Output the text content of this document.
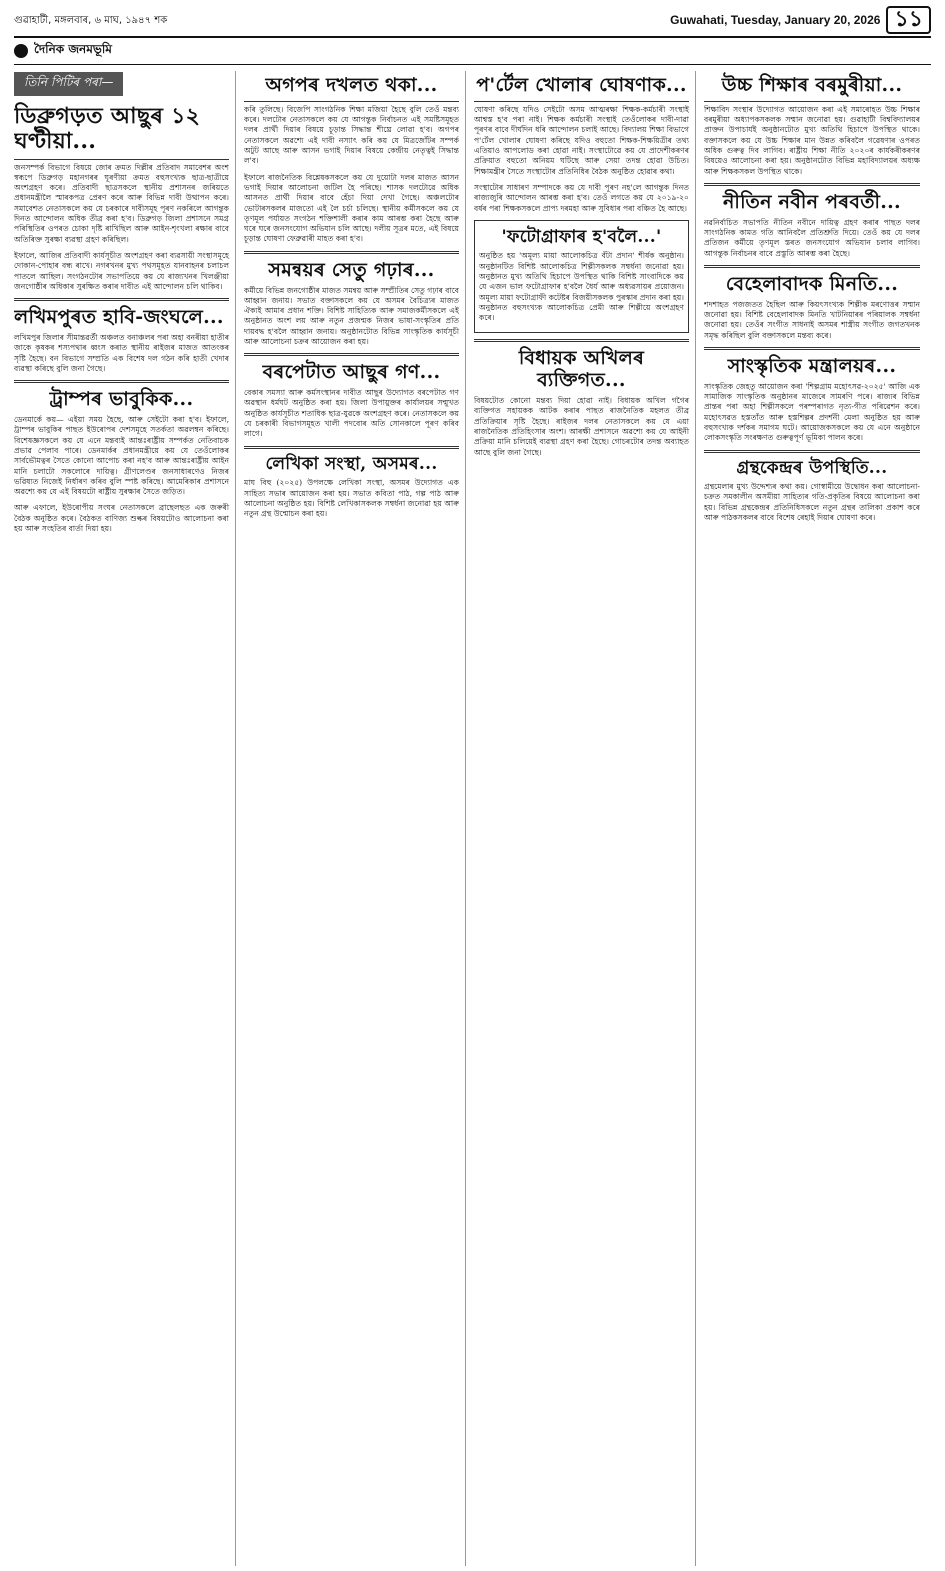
গুৱাহাটী, মঙ্গলবাৰ, ৬ মাঘ, ১৯৪৭ শক	Guwahati, Tuesday, January 20, 2026 ১১
দৈনিক জনমভূমি
তিনি পিটিৰ পৰা—
ডিব্ৰুগড়ত আছুৰ ১২ ঘণ্টীয়া...

জনসম্পৰ্ক বিভাগে বিষয়ে জোৰ ক্ৰমত দিল্লীৰ প্ৰতিবাদ সমাবেশৰ অংশ স্বৰূপে ডিব্ৰুগড় মহানগৰৰ ঘূৰণীয়া ক্ৰমত বহুসংখ্যক ছাত্ৰ-ছাত্ৰীয়ে অংশগ্ৰহণ কৰে। প্ৰতিবাদী ছাত্ৰসকলে স্থানীয় প্ৰশাসনৰ জৰিয়তে প্ৰধানমন্ত্ৰীলৈ স্মাৰকপত্ৰ প্ৰেৰণ কৰে আৰু বিভিন্ন দাবী উত্থাপন কৰে। সমাবেশত নেতাসকলে কয় যে চৰকাৰে দাবীসমূহ পূৰণ নকৰিলে আগন্তুক দিনত আন্দোলন অধিক তীব্ৰ কৰা হ'ব। ডিব্ৰুগড় জিলা প্ৰশাসনে সমগ্ৰ পৰিস্থিতিৰ ওপৰত চোকা দৃষ্টি ৰাখিছিল আৰু আইন-শৃংখলা ৰক্ষাৰ বাবে অতিৰিক্ত সুৰক্ষা ব্যৱস্থা গ্ৰহণ কৰিছিল।

ইফালে, আজিৰ প্ৰতিবাদী কাৰ্যসূচীত অংশগ্ৰহণ কৰা ব্যৱসায়ী সংস্থাসমূহে দোকান-পোহাৰ বন্ধ ৰাখে। নগৰখনৰ মুখ্য পথসমূহত যানবাহনৰ চলাচল পাতলে আছিল। সংগঠনটোৰ সভাপতিয়ে কয় যে ৰাজ্যখনৰ খিলঞ্জীয়া জনগোষ্ঠীৰ অধিকাৰ সুৰক্ষিত কৰাৰ দাবীত এই আন্দোলন চলি থাকিব।

লখিমপুৰত হাবি-জংঘলে...

লখিমপুৰ জিলাৰ সীমান্তৱৰ্তী অঞ্চলত বনাঞ্চলৰ পৰা অহা বনৰীয়া হাতীৰ জাকে কৃষকৰ শস্যপথাৰ ধ্বংস কৰাত স্থানীয় ৰাইজৰ মাজত আতংকৰ সৃষ্টি হৈছে। বন বিভাগে সম্প্ৰতি এক বিশেষ দল গঠন কৰি হাতী খেদাৰ ব্যৱস্থা কৰিছে বুলি জনা গৈছে।

ট্ৰাম্পৰ ভাবুকিক...

ডেনমাৰ্কে কয়— এইয়া সময় হৈছে, আৰু সেইটো কৰা হ'ব। ইফালে, ট্ৰাম্পৰ ভাবুকিৰ পাছত ইউৰোপৰ দেশসমূহে সতৰ্কতা অৱলম্বন কৰিছে। বিশেষজ্ঞসকলে কয় যে এনে মন্তব্যই আন্তঃৰাষ্ট্ৰীয় সম্পৰ্কত নেতিবাচক প্ৰভাৱ পেলাব পাৰে। ডেনমাৰ্কৰ প্ৰধানমন্ত্ৰীয়ে কয় যে তেওঁলোকৰ সাৰ্বভৌমত্বৰ সৈতে কোনো আপোচ কৰা নহ'ব আৰু আন্তঃৰাষ্ট্ৰীয় আইন মানি চলাটো সকলোৰে দায়িত্ব। গ্ৰীণলেণ্ডৰ জনসাধাৰণেও নিজৰ ভৱিষ্যত নিজেই নিৰ্ধাৰণ কৰিব বুলি স্পষ্ট কৰিছে। আমেৰিকাৰ প্ৰশাসনে অৱশ্যে কয় যে এই বিষয়টো ৰাষ্ট্ৰীয় সুৰক্ষাৰ সৈতে জড়িত।

আৰু এফালে, ইউৰোপীয় সংঘৰ নেতাসকলে ব্ৰাছেলছত এক জৰুৰী বৈঠক অনুষ্ঠিত কৰে। বৈঠকত বাণিজ্য শুল্কৰ বিষয়টোও আলোচনা কৰা হয় আৰু সংহতিৰ বাৰ্তা দিয়া হয়।

অগপৰ দখলত থকা...

কৰি তুলিছে। বিজেপি সাংগঠনিক শিক্ষা মজিয়া হৈছে বুলি তেওঁ মন্তব্য কৰে। দলটোৰ নেতাসকলে কয় যে আগন্তুক নিৰ্বাচনত এই সমষ্টিসমূহত দলৰ প্ৰাৰ্থী দিয়াৰ বিষয়ে চূড়ান্ত সিদ্ধান্ত শীঘ্ৰে লোৱা হ'ব। অগপৰ নেতাসকলে অৱশ্যে এই দাবী নস্যাৎ কৰি কয় যে মিত্ৰজোঁটৰ সম্পৰ্ক অটুট আছে আৰু আসন ভগাই দিয়াৰ বিষয়ে কেন্দ্ৰীয় নেতৃত্বই সিদ্ধান্ত ল'ব।

ইফালে ৰাজনৈতিক বিশ্লেষকসকলে কয় যে দুয়োটা দলৰ মাজত আসন ভগাই দিয়াৰ আলোচনা জটিল হৈ পৰিছে। শাসক দলটোৱে অধিক আসনত প্ৰাৰ্থী দিয়াৰ বাবে হেঁচা দিয়া দেখা গৈছে। অঞ্চলটোৰ ভোটাৰসকলৰ মাজতো এই লৈ চৰ্চা চলিছে। স্থানীয় কৰ্মীসকলে কয় যে তৃণমূল পৰ্যায়ত সংগঠন শক্তিশালী কৰাৰ কাম আৰম্ভ কৰা হৈছে আৰু ঘৰে ঘৰে জনসংযোগ অভিযান চলি আছে। দলীয় সূত্ৰৰ মতে, এই বিষয়ে চূড়ান্ত ঘোষণা ফেব্ৰুৱাৰী মাহত কৰা হ'ব।

সমন্বয়ৰ সেতু গঢ়াৰ...

কৰ্মীয়ে বিভিন্ন জনগোষ্ঠীৰ মাজত সমন্বয় আৰু সম্প্ৰীতিৰ সেতু গঢ়াৰ বাবে আহ্বান জনায়। সভাত বক্তাসকলে কয় যে অসমৰ বৈচিত্ৰ্যৰ মাজত ঐক্যই আমাৰ প্ৰধান শক্তি। বিশিষ্ট সাহিত্যিক আৰু সমাজকৰ্মীসকলে এই অনুষ্ঠানত অংশ লয় আৰু নতুন প্ৰজন্মক নিজৰ ভাষা-সংস্কৃতিৰ প্ৰতি দায়বদ্ধ হ'বলৈ আহ্বান জনায়। অনুষ্ঠানটোত বিভিন্ন সাংস্কৃতিক কাৰ্যসূচী আৰু আলোচনা চক্ৰৰ আয়োজন কৰা হয়।

বৰপেটাত আছুৰ গণ...

বেকাৰ সমস্যা আৰু কৰ্মসংস্থানৰ দাবীত আছুৰ উদ্যোগত বৰপেটাত গণ অৱস্থান ধৰ্মঘট অনুষ্ঠিত কৰা হয়। জিলা উপায়ুক্তৰ কাৰ্যালয়ৰ সন্মুখত অনুষ্ঠিত কাৰ্যসূচীত শতাধিক ছাত্ৰ-যুৱকে অংশগ্ৰহণ কৰে। নেতাসকলে কয় যে চৰকাৰী বিভাগসমূহত খালী পদবোৰ অতি সোনকালে পূৰণ কৰিব লাগে।

লেখিকা সংস্থা, অসমৰ...

মাঘ বিহু (২০২৫) উপলক্ষে লেখিকা সংস্থা, অসমৰ উদ্যোগত এক সাহিত্য সভাৰ আয়োজন কৰা হয়। সভাত কবিতা পাঠ, গল্প পাঠ আৰু আলোচনা অনুষ্ঠিত হয়। বিশিষ্ট লেখিকাসকলক সম্বৰ্ধনা জনোৱা হয় আৰু নতুন গ্ৰন্থ উন্মোচন কৰা হয়।

প'ৰ্টেল খোলাৰ ঘোষণাক...

ঘোষণা কৰিছে যদিও সেইটো অসম আত্মৰক্ষা শিক্ষক-কৰ্মচাৰী সংস্থাই আশ্বস্ত হ'ব পৰা নাই। শিক্ষক কৰ্মচাৰী সংস্থাই তেওঁলোকৰ দাবী-দাৱা পূৰণৰ বাবে দীৰ্ঘদিন ধৰি আন্দোলন চলাই আছে। বিদ্যালয় শিক্ষা বিভাগে প'ৰ্টেল খোলাৰ ঘোষণা কৰিছে যদিও বহুতো শিক্ষক-শিক্ষয়িত্ৰীৰ তথ্য এতিয়াও আপলোড কৰা হোৱা নাই। সংস্থাটোৱে কয় যে প্ৰাদেশীকৰণৰ প্ৰক্ৰিয়াত বহুতো অনিয়ম ঘটিছে আৰু সেয়া তদন্ত হোৱা উচিত। শিক্ষামন্ত্ৰীৰ সৈতে সংস্থাটোৰ প্ৰতিনিধিৰ বৈঠক অনুষ্ঠিত হোৱাৰ কথা।

সংস্থাটোৰ সাধাৰণ সম্পাদকে কয় যে দাবী পূৰণ নহ'লে আগন্তুক দিনত ৰাজ্যজুৰি আন্দোলন আৰম্ভ কৰা হ'ব। তেওঁ লগতে কয় যে ২০১৯-২০ বৰ্ষৰ পৰা শিক্ষকসকলে প্ৰাপ্য দৰমহা আৰু সুবিধাৰ পৰা বঞ্চিত হৈ আছে।

'ফটোগ্ৰাফাৰ হ'বলৈ...'

অনুষ্ঠিত হয় 'অমূল্য মায়া আলোকচিত্ৰ বঁটা প্ৰদান' শীৰ্ষক অনুষ্ঠান। অনুষ্ঠানটিত বিশিষ্ট আলোকচিত্ৰ শিল্পীসকলক সম্বৰ্ধনা জনোৱা হয়। অনুষ্ঠানত মুখ্য অতিথি হিচাপে উপস্থিত থাকি বিশিষ্ট সাংবাদিকে কয় যে এজন ভাল ফটোগ্ৰাফাৰ হ'বলৈ ধৈৰ্য আৰু অধ্যৱসায়ৰ প্ৰয়োজন। অমূল্য মায়া ফটোগ্ৰাফী কটেষ্টৰ বিজয়ীসকলক পুৰস্কাৰ প্ৰদান কৰা হয়। অনুষ্ঠানত বহুসংখ্যক আলোকচিত্ৰ প্ৰেমী আৰু শিল্পীয়ে অংশগ্ৰহণ কৰে।

বিধায়ক অখিলৰ ব্যক্তিগত...

বিষয়টোত কোনো মন্তব্য দিয়া হোৱা নাই। বিধায়ক অখিল গগৈৰ ব্যক্তিগত সহায়কক আটক কৰাৰ পাছত ৰাজনৈতিক মহলত তীব্ৰ প্ৰতিক্ৰিয়াৰ সৃষ্টি হৈছে। ৰাইজৰ দলৰ নেতাসকলে কয় যে এয়া ৰাজনৈতিক প্ৰতিহিংসাৰ অংশ। আৰক্ষী প্ৰশাসনে অৱশ্যে কয় যে আইনী প্ৰক্ৰিয়া মানি চলিয়েই ব্যৱস্থা গ্ৰহণ কৰা হৈছে। গোচৰটোৰ তদন্ত অব্যাহত আছে বুলি জনা গৈছে।

উচ্চ শিক্ষাৰ বৰমুৰীয়া...

শিক্ষাবিদ সংস্থাৰ উদ্যোগত আয়োজন কৰা এই সমাৰোহত উচ্চ শিক্ষাৰ বৰমুৰীয়া অধ্যাপকসকলক সম্মান জনোৱা হয়। গুৱাহাটী বিশ্ববিদ্যালয়ৰ প্ৰাক্তন উপাচাৰ্যই অনুষ্ঠানটোত মুখ্য অতিথি হিচাপে উপস্থিত থাকে। বক্তাসকলে কয় যে উচ্চ শিক্ষাৰ মান উন্নত কৰিবলৈ গৱেষণাৰ ওপৰত অধিক গুৰুত্ব দিব লাগিব। ৰাষ্ট্ৰীয় শিক্ষা নীতি ২০২০ৰ কাৰ্যকৰীকৰণৰ বিষয়েও আলোচনা কৰা হয়। অনুষ্ঠানটোত বিভিন্ন মহাবিদ্যালয়ৰ অধ্যক্ষ আৰু শিক্ষকসকল উপস্থিত থাকে।

নীতিন নবীন পৰবৰ্তী...

নৱনিৰ্বাচিত সভাপতি নীতিন নবীনে দায়িত্ব গ্ৰহণ কৰাৰ পাছত দলৰ সাংগঠনিক কামত গতি আনিবলৈ প্ৰতিশ্ৰুতি দিয়ে। তেওঁ কয় যে দলৰ প্ৰতিজন কৰ্মীয়ে তৃণমূল স্তৰত জনসংযোগ অভিযান চলাব লাগিব। আগন্তুক নিৰ্বাচনৰ বাবে প্ৰস্তুতি আৰম্ভ কৰা হৈছে।

বেহেলাবাদক মিনতি...

শদশাহত পজজতত হৈছিল আৰু কিয়ৎসংখ্যক শিল্পীক মৰণোত্তৰ সম্মান জনোৱা হয়। বিশিষ্ট বেহেলাবাদক মিনতি খাটনিয়াৰৰ পৰিয়ালক সম্বৰ্ধনা জনোৱা হয়। তেওঁৰ সংগীত সাধনাই অসমৰ শাস্ত্ৰীয় সংগীত জগতখনক সমৃদ্ধ কৰিছিল বুলি বক্তাসকলে মন্তব্য কৰে।

সাংস্কৃতিক মন্ত্ৰালয়ৰ...

সাংস্কৃতিক জেহতু আয়োজন কৰা 'শিল্পগ্ৰাম মহোৎসৱ-২০২৫' আজি এক সামাজিক সাংস্কৃতিক অনুষ্ঠানৰ মাজেৰে সামৰণি পৰে। ৰাজ্যৰ বিভিন্ন প্ৰান্তৰ পৰা অহা শিল্পীসকলে পৰম্পৰাগত নৃত্য-গীত পৰিৱেশন কৰে। মহোৎসৱত হস্ততাঁত আৰু হস্তশিল্পৰ প্ৰদৰ্শনী মেলা অনুষ্ঠিত হয় আৰু বহুসংখ্যক দৰ্শকৰ সমাগম ঘটে। আয়োজকসকলে কয় যে এনে অনুষ্ঠানে লোকসংস্কৃতি সংৰক্ষণত গুৰুত্বপূৰ্ণ ভূমিকা পালন কৰে।

গ্ৰন্থকেন্দ্ৰৰ উপস্থিতি...

গ্ৰন্থমেলাৰ মুখ্য উদ্দেশ্যৰ কথা কয়। গোস্বামীয়ে উদ্বোধন কৰা আলোচনা-চক্ৰত সমকালীন অসমীয়া সাহিত্যৰ গতি-প্ৰকৃতিৰ বিষয়ে আলোচনা কৰা হয়। বিভিন্ন গ্ৰন্থকেন্দ্ৰৰ প্ৰতিনিধিসকলে নতুন গ্ৰন্থৰ তালিকা প্ৰকাশ কৰে আৰু পাঠকসকলৰ বাবে বিশেষ ৰেহাই দিয়াৰ ঘোষণা কৰে।
